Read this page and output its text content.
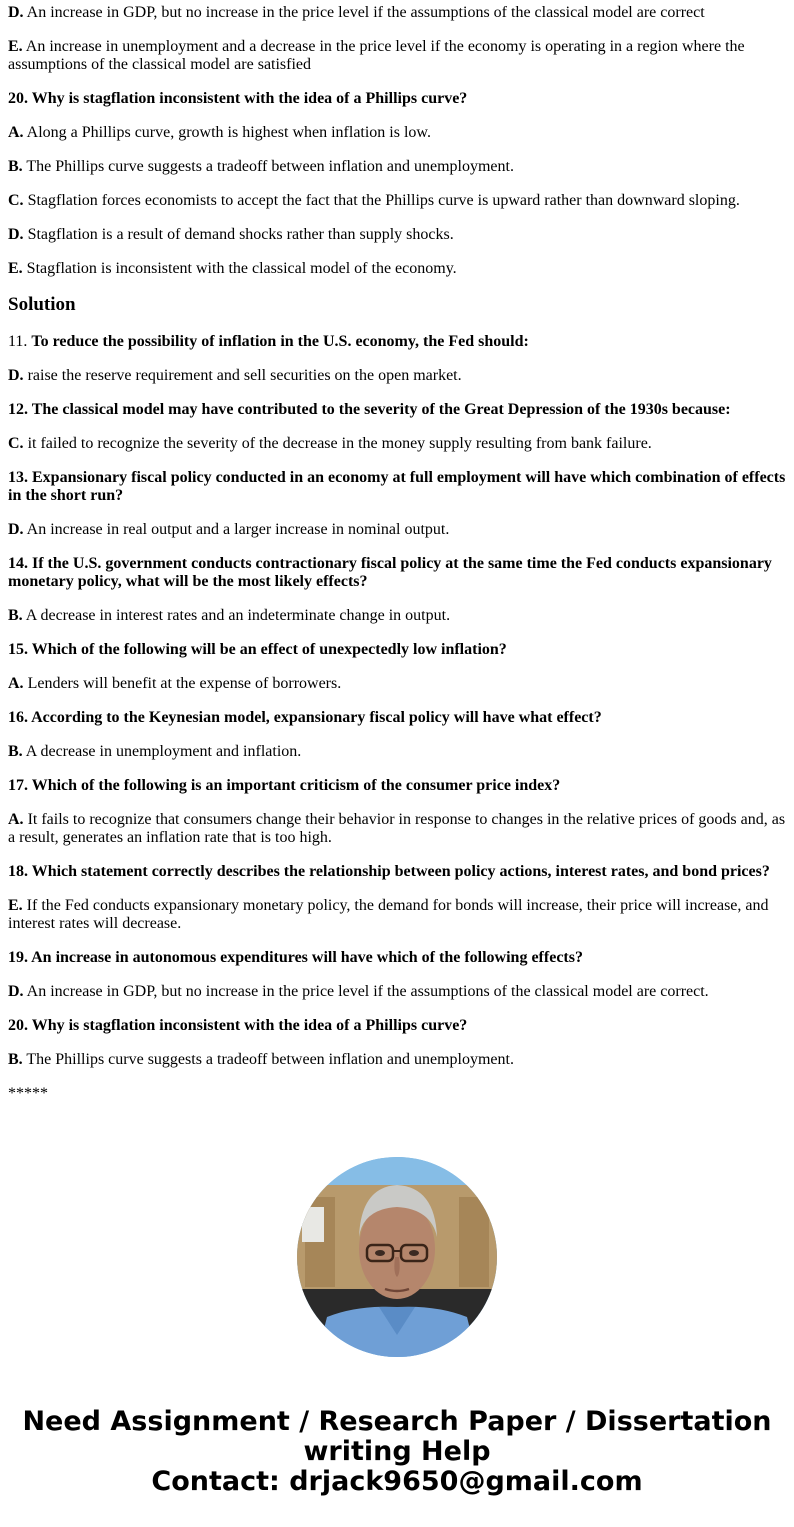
D. An increase in GDP, but no increase in the price level if the assumptions of the classical model are correct

E. An increase in unemployment and a decrease in the price level if the economy is operating in a region where the assumptions of the classical model are satisfied

20. Why is stagflation inconsistent with the idea of a Phillips curve?

A. Along a Phillips curve, growth is highest when inflation is low.

B. The Phillips curve suggests a tradeoff between inflation and unemployment.

C. Stagflation forces economists to accept the fact that the Phillips curve is upward rather than downward sloping.

D. Stagflation is a result of demand shocks rather than supply shocks.

E. Stagflation is inconsistent with the classical model of the economy.

Solution

11. To reduce the possibility of inflation in the U.S. economy, the Fed should:

D. raise the reserve requirement and sell securities on the open market.

12. The classical model may have contributed to the severity of the Great Depression of the 1930s because:

C. it failed to recognize the severity of the decrease in the money supply resulting from bank failure.

13. Expansionary fiscal policy conducted in an economy at full employment will have which combination of effects in the short run?

D. An increase in real output and a larger increase in nominal output.

14. If the U.S. government conducts contractionary fiscal policy at the same time the Fed conducts expansionary monetary policy, what will be the most likely effects?

B. A decrease in interest rates and an indeterminate change in output.

15. Which of the following will be an effect of unexpectedly low inflation?

A. Lenders will benefit at the expense of borrowers.

16. According to the Keynesian model, expansionary fiscal policy will have what effect?

B. A decrease in unemployment and inflation.

17. Which of the following is an important criticism of the consumer price index?

A. It fails to recognize that consumers change their behavior in response to changes in the relative prices of goods and, as a result, generates an inflation rate that is too high.

18. Which statement correctly describes the relationship between policy actions, interest rates, and bond prices?

E. If the Fed conducts expansionary monetary policy, the demand for bonds will increase, their price will increase, and interest rates will decrease.

19. An increase in autonomous expenditures will have which of the following effects?

D. An increase in GDP, but no increase in the price level if the assumptions of the classical model are correct.

20. Why is stagflation inconsistent with the idea of a Phillips curve?

B. The Phillips curve suggests a tradeoff between inflation and unemployment.

*****

Need Assignment / Research Paper / Dissertation
writing Help
Contact: drjack9650@gmail.com
